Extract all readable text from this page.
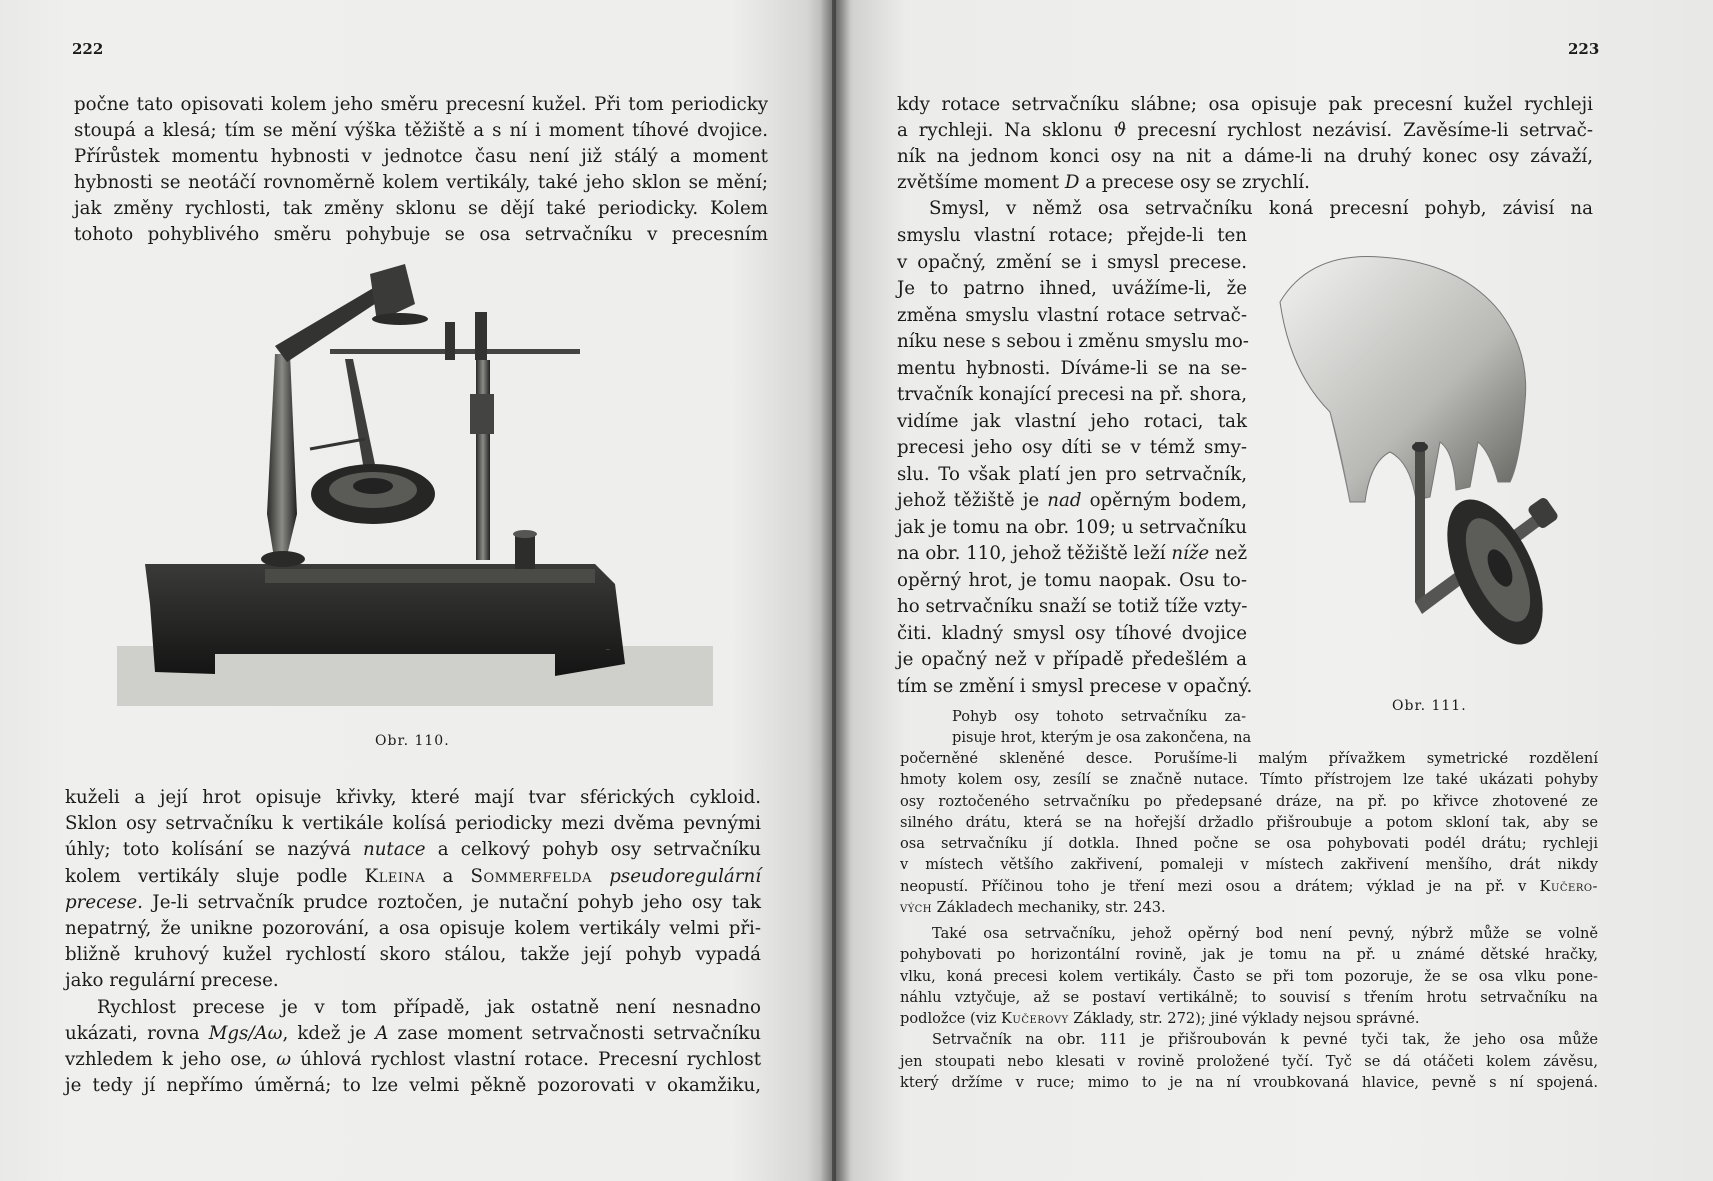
222
počne tato opisovati kolem jeho směru precesní kužel. Při tom periodicky
stoupá a klesá; tím se mění výška těžiště a s ní i moment tíhové dvojice.
Přírůstek momentu hybnosti v jednotce času není již stálý a moment
hybnosti se neotáčí rovnoměrně kolem vertikály, také jeho sklon se mění;
jak změny rychlosti, tak změny sklonu se dějí také periodicky. Kolem
tohoto pohyblivého směru pohybuje se osa setrvačníku v precesním
~
Obr. 110.
kuželi a její hrot opisuje křivky, které mají tvar sférických cykloid.
Sklon osy setrvačníku k vertikále kolísá periodicky mezi dvěma pevnými
úhly; toto kolísání se nazývá nutace a celkový pohyb osy setrvačníku
kolem vertikály sluje podle Kleina a Sommerfelda pseudoregulární
precese. Je-li setrvačník prudce roztočen, je nutační pohyb jeho osy tak
nepatrný, že unikne pozorování, a osa opisuje kolem vertikály velmi při-
bližně kruhový kužel rychlostí skoro stálou, takže její pohyb vypadá
jako regulární precese.
Rychlost precese je v tom případě, jak ostatně není nesnadno
ukázati, rovna Mgs/Aω, kdež je A zase moment setrvačnosti setrvačníku
vzhledem k jeho ose, ω úhlová rychlost vlastní rotace. Precesní rychlost
je tedy jí nepřímo úměrná; to lze velmi pěkně pozorovati v okamžiku,
223
kdy rotace setrvačníku slábne; osa opisuje pak precesní kužel rychleji
a rychleji. Na sklonu ϑ precesní rychlost nezávisí. Zavěsíme-li setrvač-
ník na jednom konci osy na nit a dáme-li na druhý konec osy závaží,
zvětšíme moment D a precese osy se zrychlí.
Smysl, v němž osa setrvačníku koná precesní pohyb, závisí na
smyslu vlastní rotace; přejde-li ten
v opačný, změní se i smysl precese.
Je to patrno ihned, uvážíme-li, že
změna smyslu vlastní rotace setrvač-
níku nese s sebou i změnu smyslu mo-
mentu hybnosti. Díváme-li se na se-
trvačník konající precesi na př. shora,
vidíme jak vlastní jeho rotaci, tak
precesi jeho osy díti se v témž smy-
slu. To však platí jen pro setrvačník,
jehož těžiště je nad opěrným bodem,
jak je tomu na obr. 109; u setrvačníku
na obr. 110, jehož těžiště leží níže než
opěrný hrot, je tomu naopak. Osu to-
ho setrvačníku snaží se totiž tíže vzty-
čiti. kladný smysl osy tíhové dvojice
je opačný než v případě předešlém a
tím se změní i smysl precese v opačný.
Obr. 111.
Pohyb osy tohoto setrvačníku za-
pisuje hrot, kterým je osa zakončena, na
počerněné skleněné desce. Porušíme-li malým přívažkem symetrické rozdělení
hmoty kolem osy, zesílí se značně nutace. Tímto přístrojem lze také ukázati pohyby
osy roztočeného setrvačníku po předepsané dráze, na př. po křivce zhotovené ze
silného drátu, která se na hořejší držadlo přišroubuje a potom skloní tak, aby se
osa setrvačníku jí dotkla. Ihned počne se osa pohybovati podél drátu; rychleji
v místech většího zakřivení, pomaleji v místech zakřivení menšího, drát nikdy
neopustí. Příčinou toho je tření mezi osou a drátem; výklad je na př. v Kučero-
vých Základech mechaniky, str. 243.
Také osa setrvačníku, jehož opěrný bod není pevný, nýbrž může se volně
pohybovati po horizontální rovině, jak je tomu na př. u známé dětské hračky,
vlku, koná precesi kolem vertikály. Často se při tom pozoruje, že se osa vlku pone-
náhlu vztyčuje, až se postaví vertikálně; to souvisí s třením hrotu setrvačníku na
podložce (viz Kučerovy Základy, str. 272); jiné výklady nejsou správné.
Setrvačník na obr. 111 je přišroubován k pevné tyči tak, že jeho osa může
jen stoupati nebo klesati v rovině proložené tyčí. Tyč se dá otáčeti kolem závěsu,
který držíme v ruce; mimo to je na ní vroubkovaná hlavice, pevně s ní spojená.
